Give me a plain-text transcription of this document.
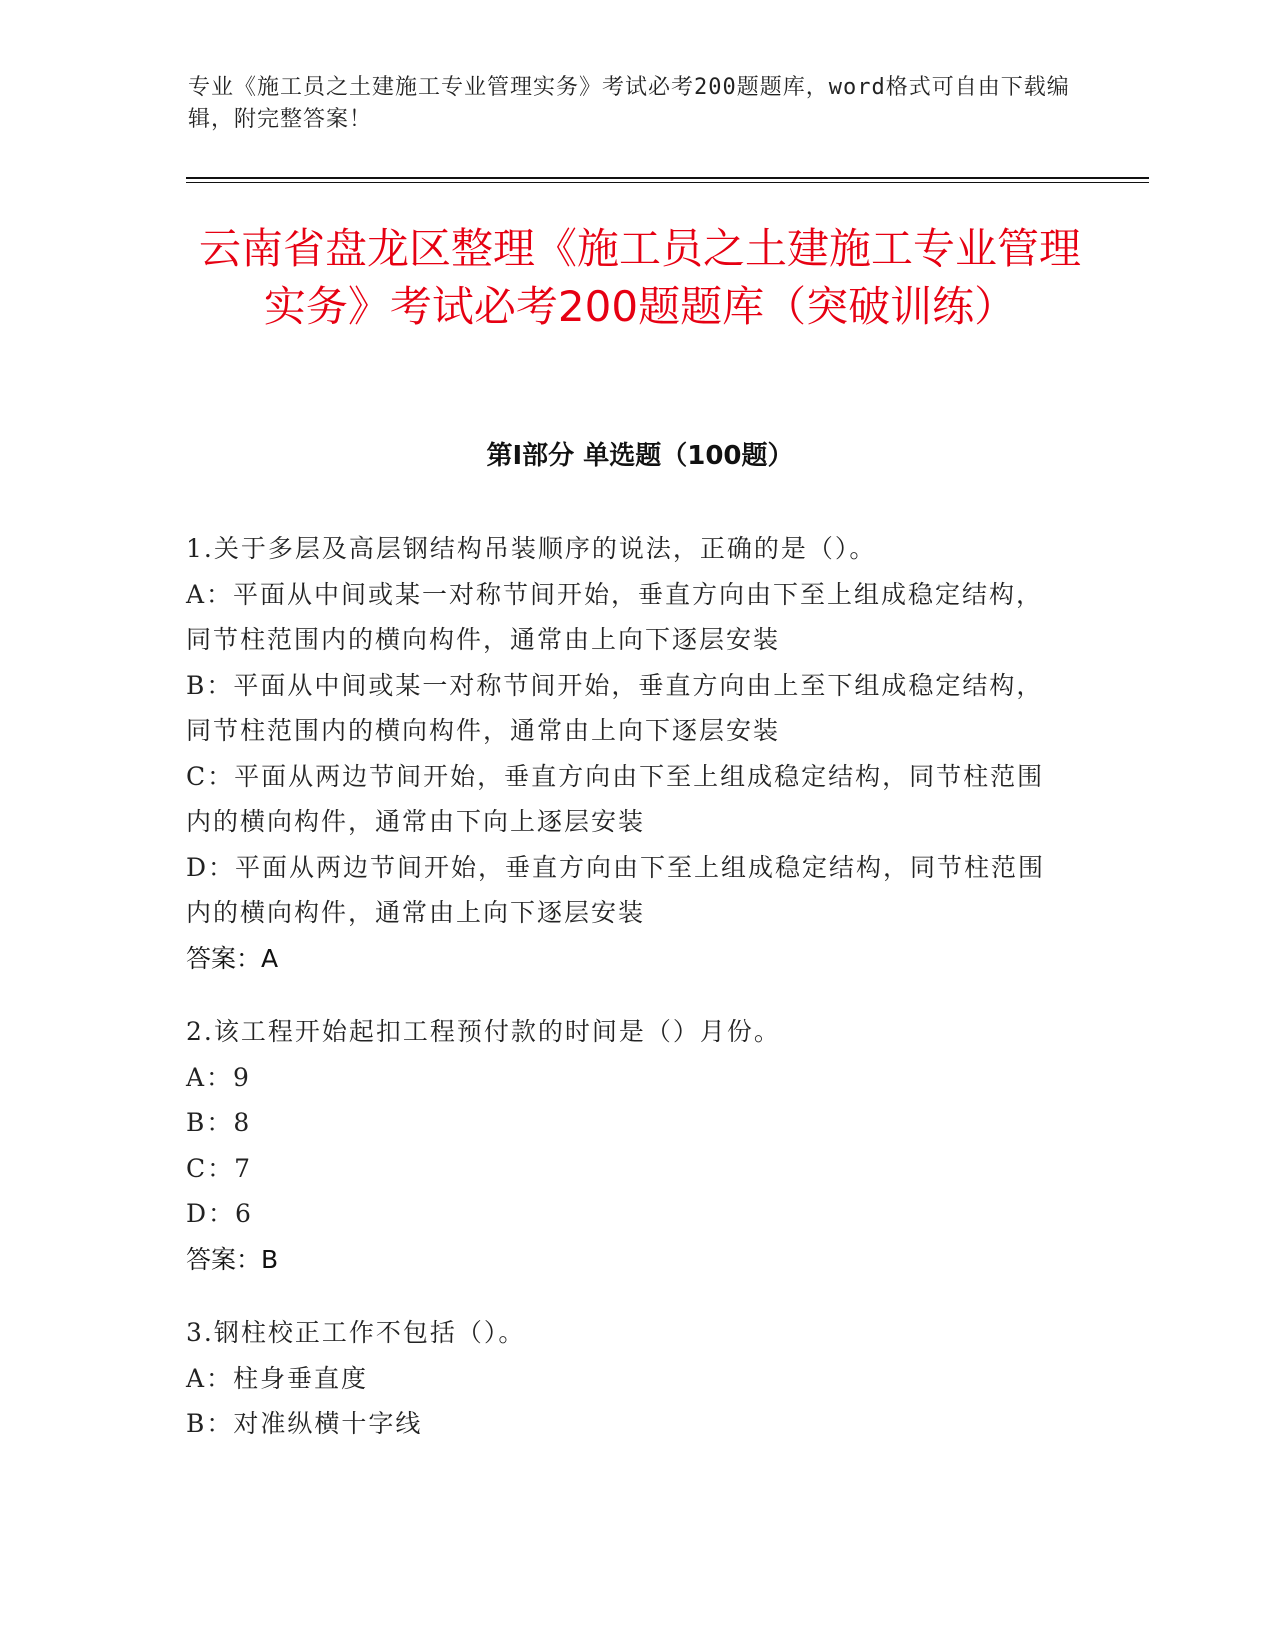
专业《施工员之土建施工专业管理实务》考试必考200题题库，word格式可自由下载编辑，附完整答案！
云南省盘龙区整理《施工员之土建施工专业管理实务》考试必考200题题库（突破训练）
第Ⅰ部分 单选题（100题）
1.关于多层及高层钢结构吊装顺序的说法，正确的是（）。
A：平面从中间或某一对称节间开始，垂直方向由下至上组成稳定结构，同节柱范围内的横向构件，通常由上向下逐层安装
B：平面从中间或某一对称节间开始，垂直方向由上至下组成稳定结构，同节柱范围内的横向构件，通常由上向下逐层安装
C：平面从两边节间开始，垂直方向由下至上组成稳定结构，同节柱范围内的横向构件，通常由下向上逐层安装
D：平面从两边节间开始，垂直方向由下至上组成稳定结构，同节柱范围内的横向构件，通常由上向下逐层安装
答案：A
2.该工程开始起扣工程预付款的时间是（）月份。
A：9
B：8
C：7
D：6
答案：B
3.钢柱校正工作不包括（）。
A：柱身垂直度
B：对准纵横十字线
